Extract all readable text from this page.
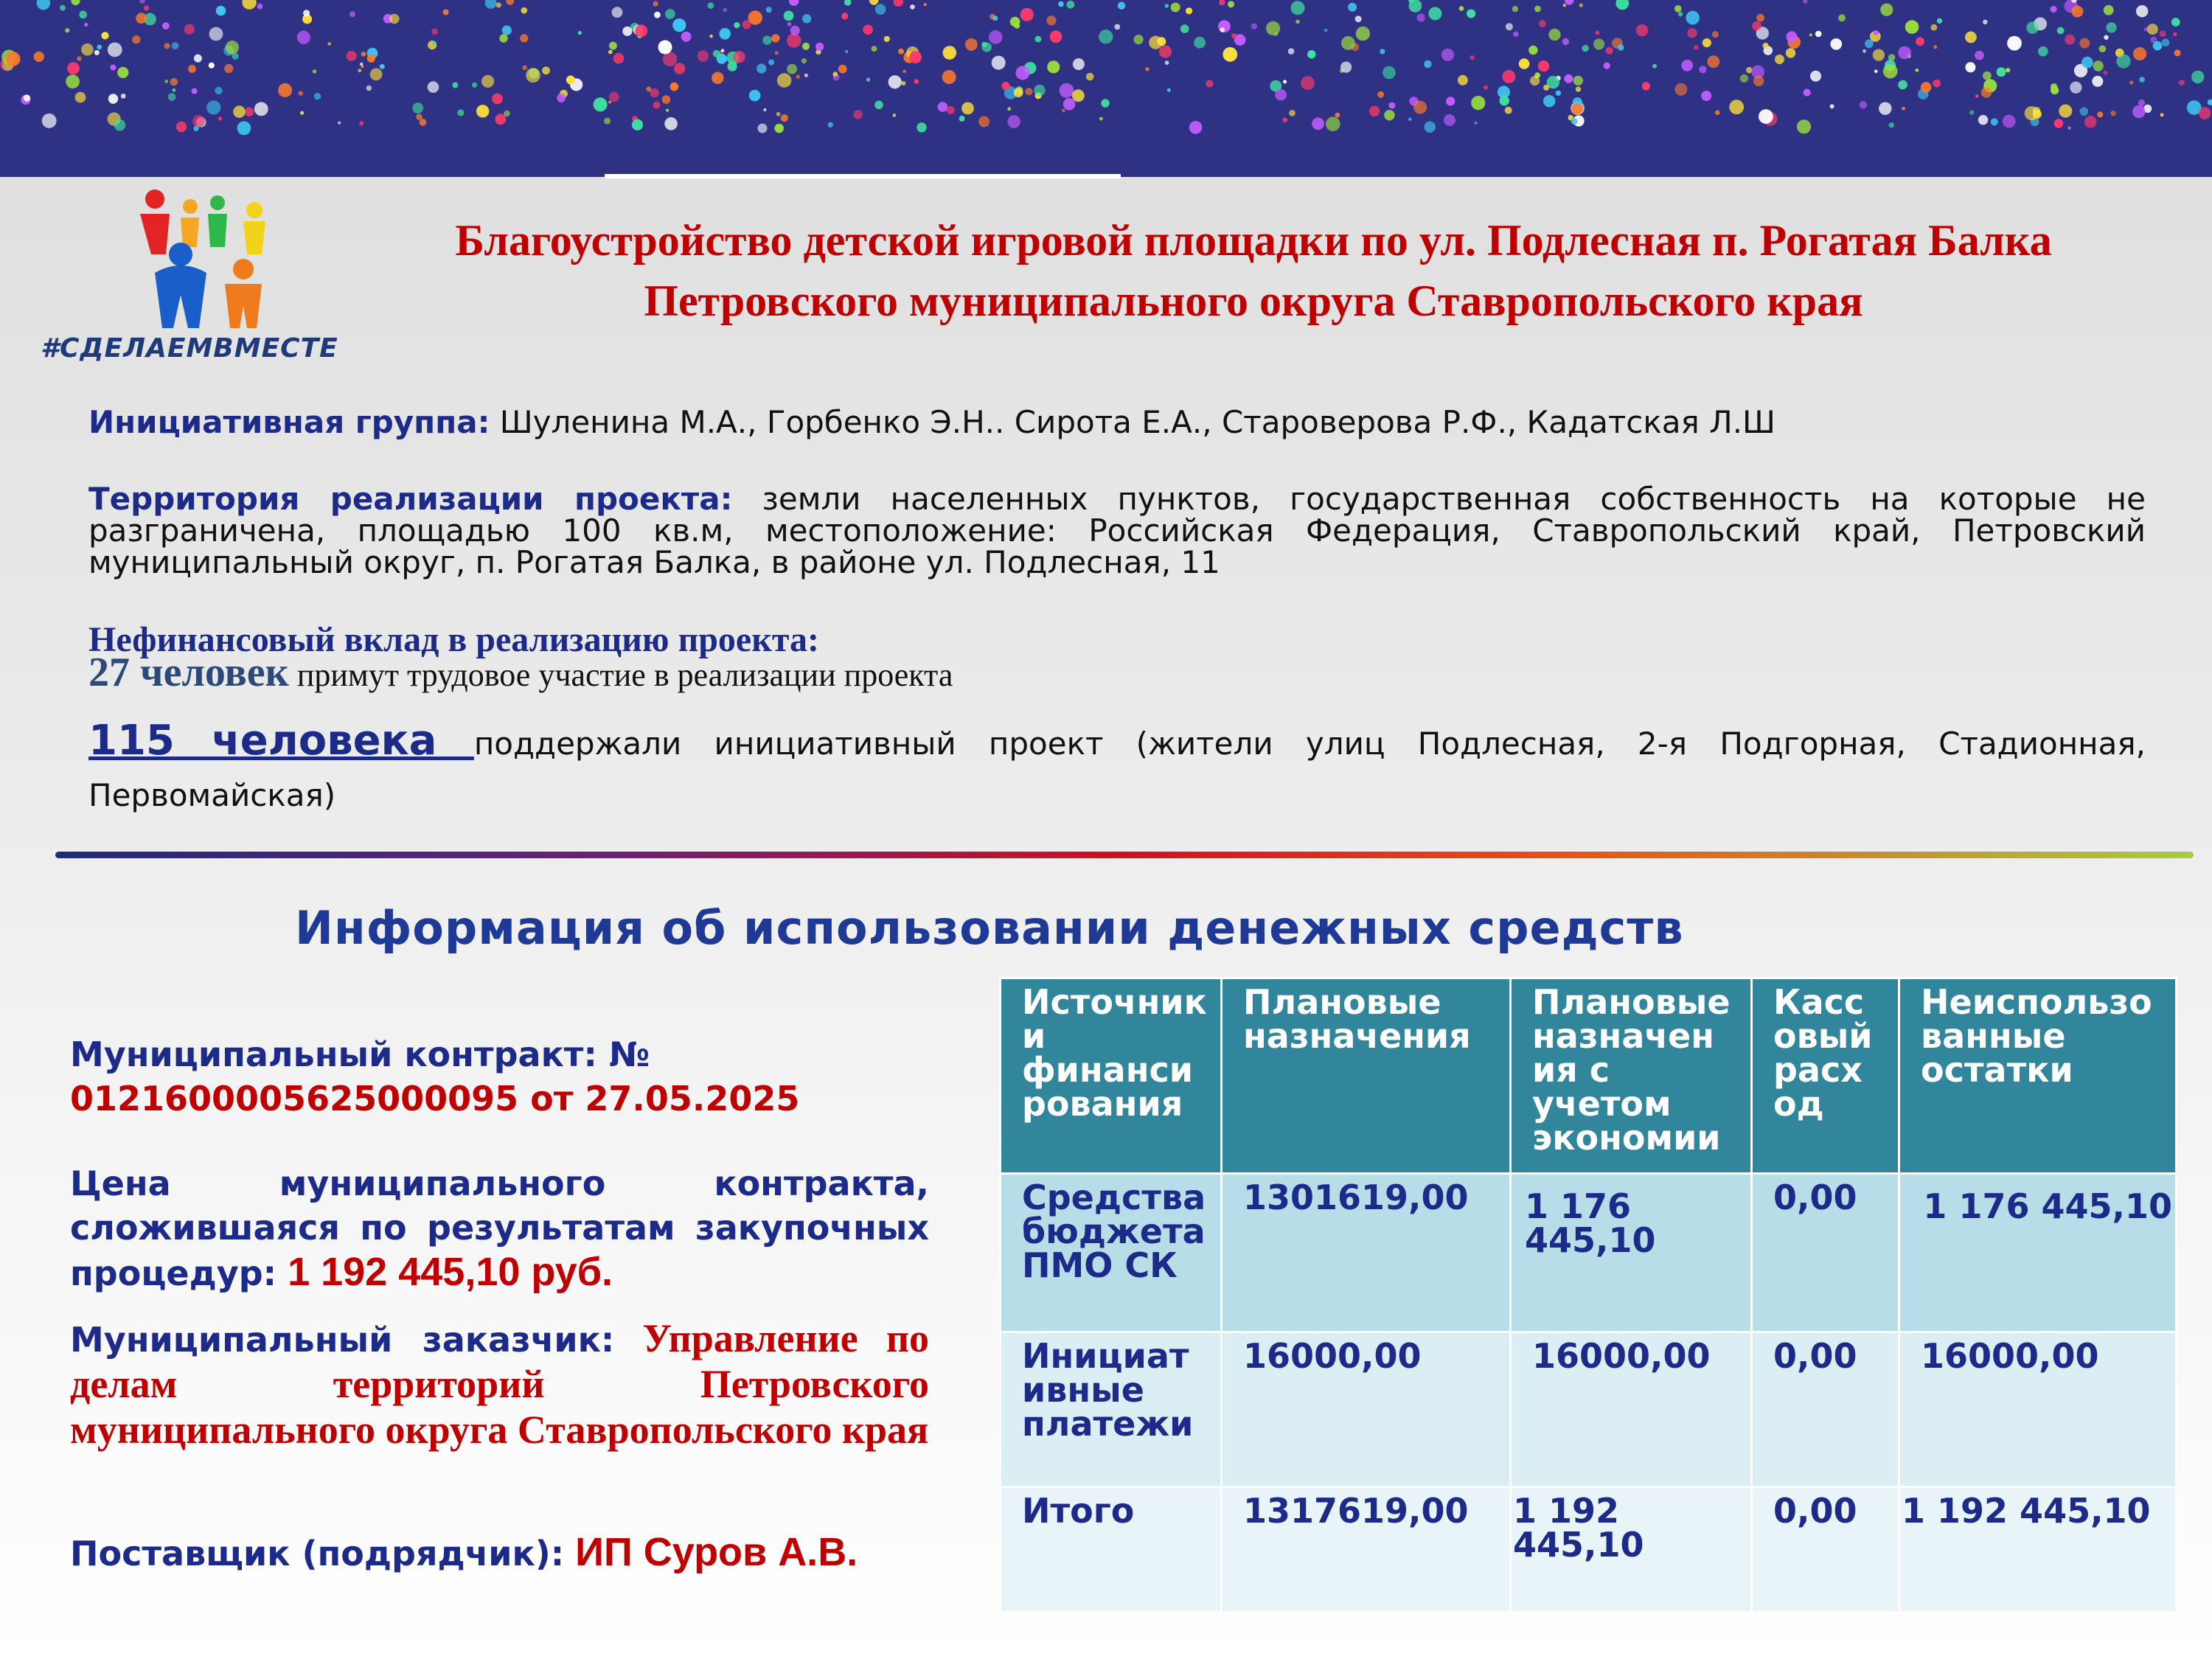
#СДЕЛАЕМВМЕСТЕ
Благоустройство детской игровой площадки по ул. Подлесная п. Рогатая Балка
Петровского муниципального округа Ставропольского края
Инициативная группа: Шуленина М.А., Горбенко Э.Н.. Сирота Е.А., Староверова Р.Ф., Кадатская Л.Ш
Территория реализации проекта: земли населенных пунктов, государственная собственность на которые не разграничена, площадью 100 кв.м, местоположение: Российская Федерация, Ставропольский край, Петровский муниципальный округ, п. Рогатая Балка, в районе ул. Подлесная, 11
Нефинансовый вклад в реализацию проекта:
27 человек примут трудовое участие в реализации проекта
115 человека поддержали инициативный проект (жители улиц Подлесная, 2-я Подгорная, Стадионная, Первомайская)
Информация об использовании денежных средств
Муниципальный контракт: №
0121600005625000095 от 27.05.2025
Цена муниципального контракта, сложившаяся по результатам закупочных процедур: 1 192 445,10 руб.
Муниципальный заказчик: Управление по делам территорий Петровского муниципального округа Ставропольского края
Поставщик (подрядчик): ИП Суров А.В.
Источник и финанси рования	Плановые назначения	Плановые назначен ия с учетом экономии	Касс овый расх од	Неиспользо ванные остатки
Средства бюджета ПМО СК	1301619,00	1 176 445,10	0,00	1 176 445,10
Инициат ивные платежи	16000,00	16000,00	0,00	16000,00
Итого	1317619,00	1 192 445,10	0,00	1 192 445,10
